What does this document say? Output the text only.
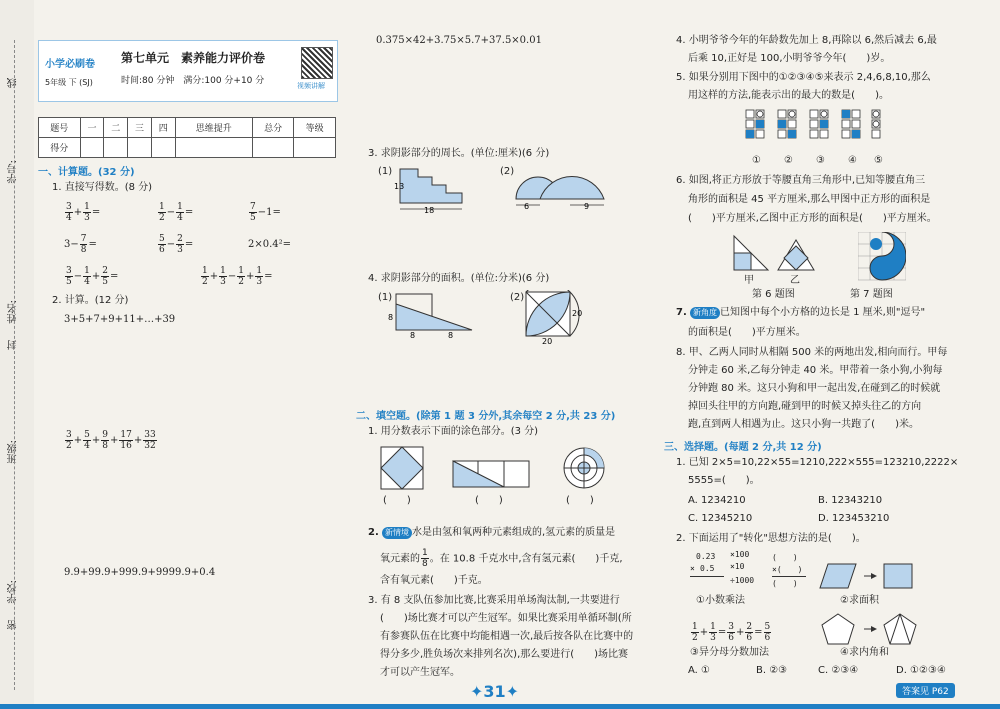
线
学号:
姓名:
封
班级:
学校:
密
小学必刷卷
5年级 下 (SJ)
第七单元　素养能力评价卷
时间:80 分钟　满分:100 分+10 分	视频讲解
题号	一	二	三	四	思维提升	总分	等级
得分							
一、计算题。(32 分)
1. 直接写得数。(8 分)
$\frac{3}{4} + \frac{1}{3}$ =	$\frac{1}{2} - \frac{1}{4}$ =	$\frac{7}{5} -1=$
$3- \frac{7}{8}$ =	$\frac{5}{6} - \frac{2}{3}$ =	2×0.4²=
$\frac{3}{5} - \frac{1}{4} + \frac{2}{5}$ =	$\frac{1}{2} + \frac{1}{3} - \frac{1}{2} + \frac{1}{3}$ =
2. 计算。(12 分)
3+5+7+9+11+…+39
$\frac{3}{2} + \frac{5}{4} + \frac{9}{8} + \frac{17}{16} + \frac{33}{32}$
9.9+99.9+999.9+9999.9+0.4
0.375×42+3.75×5.7+37.5×0.01
3. 求阴影部分的周长。(单位:厘米)(6 分)
(1)
13
18
(2)
6	9
4. 求阴影部分的面积。(单位:分米)(6 分)
(1)
8
8	8
(2)
20
20
二、填空题。(除第 1 题 3 分外,其余每空 2 分,共 23 分)
1. 用分数表示下面的涂色部分。(3 分)
(　　)	(　　)	(　　)
2. 新情境 水是由氢和氧两种元素组成的,氢元素的质量是
氧元素的 $\frac{1}{8}$ 。在 10.8 千克水中,含有氢元素(　　)千克,
含有氧元素(　　)千克。
3. 有 8 支队伍参加比赛,比赛采用单场淘汰制,一共要进行
(　　)场比赛才可以产生冠军。如果比赛采用单循环制(所
有参赛队伍在比赛中均能相遇一次,最后按各队在比赛中的
得分多少,胜负场次来排列名次),那么要进行(　　)场比赛
才可以产生冠军。
4. 小明爷爷今年的年龄数先加上 8,再除以 6,然后减去 6,最
后乘 10,正好是 100,小明爷爷今年(　　)岁。
5. 如果分别用下图中的①②③④⑤来表示 2,4,6,8,10,那么
用这样的方法,能表示出的最大的数是(　　)。
① ② ③ ④ ⑤
6. 如图,将正方形放于等腰直角三角形中,已知等腰直角三
角形的面积是 45 平方厘米,那么甲图中正方形的面积是
(　　)平方厘米,乙图中正方形的面积是(　　)平方厘米。
甲	乙
第 6 题图	第 7 题图
7. 新角度 已知图中每个小方格的边长是 1 厘米,则"逗号"
的面积是(　　)平方厘米。
8. 甲、乙两人同时从相隔 500 米的两地出发,相向而行。甲每
分钟走 60 米,乙每分钟走 40 米。甲带着一条小狗,小狗每
分钟跑 80 米。这只小狗和甲一起出发,在碰到乙的时候就
掉回头往甲的方向跑,碰到甲的时候又掉头往乙的方向
跑,直到两人相遇为止。这只小狗一共跑了(　　)米。
三、选择题。(每题 2 分,共 12 分)
1. 已知 2×5=10,22×55=1210,222×555=123210,2222×
5555=(　　)。
A. 1234210	B. 12343210
C. 12345210	D. 123453210
2. 下面运用了"转化"思想方法的是(　　)。
0.23 ×100	(　　)
× 0.5 ×10	×(　　)
÷1000 (　　)
①小数乘法	②求面积
$\frac{1}{2} + \frac{1}{3} = \frac{3}{6} + \frac{2}{6} = \frac{5}{6}$
③异分母分数加法	④求内角和
A. ①	B. ②③	C. ②③④	D. ①②③④
✦31✦	答案见 P62
